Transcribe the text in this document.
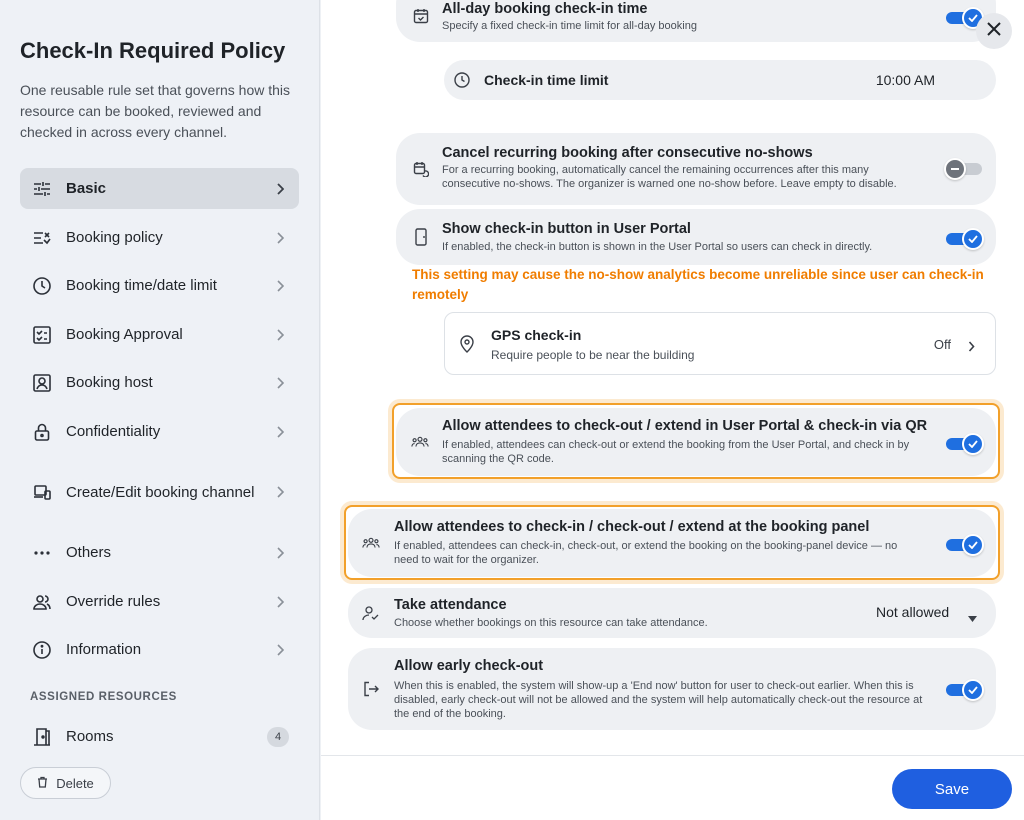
Check-In Required Policy
One reusable rule set that governs how this resource can be booked, reviewed and checked in across every channel.
Basic
Booking policy
Booking time/date limit
Booking Approval
Booking host
Confidentiality
Create/Edit booking channel
Others
Override rules
Information
ASSIGNED RESOURCES
Rooms	4
Delete
All-day booking check-in time
Specify a fixed check-in time limit for all-day booking
Check-in time limit	10:00 AM
Cancel recurring booking after consecutive no-shows
For a recurring booking, automatically cancel the remaining occurrences after this many consecutive no-shows. The organizer is warned one no-show before. Leave empty to disable.
Show check-in button in User Portal
If enabled, the check-in button is shown in the User Portal so users can check in directly.
GPS check-in
Require people to be near the building
Off
Allow attendees to check-out / extend in User Portal & check-in via QR
If enabled, attendees can check-out or extend the booking from the User Portal, and check in by scanning the QR code.
Allow attendees to check-in / check-out / extend at the booking panel
If enabled, attendees can check-in, check-out, or extend the booking on the booking-panel device — no need to wait for the organizer.
Take attendance
Choose whether bookings on this resource can take attendance.
Not allowed
Allow early check-out
When this is enabled, the system will show-up a 'End now' button for user to check-out earlier. When this is disabled, early check-out will not be allowed and the system will help automatically check-out the resource at the end of the booking.
This setting may cause the no-show analytics become unreliable since user can check-in remotely
Save
